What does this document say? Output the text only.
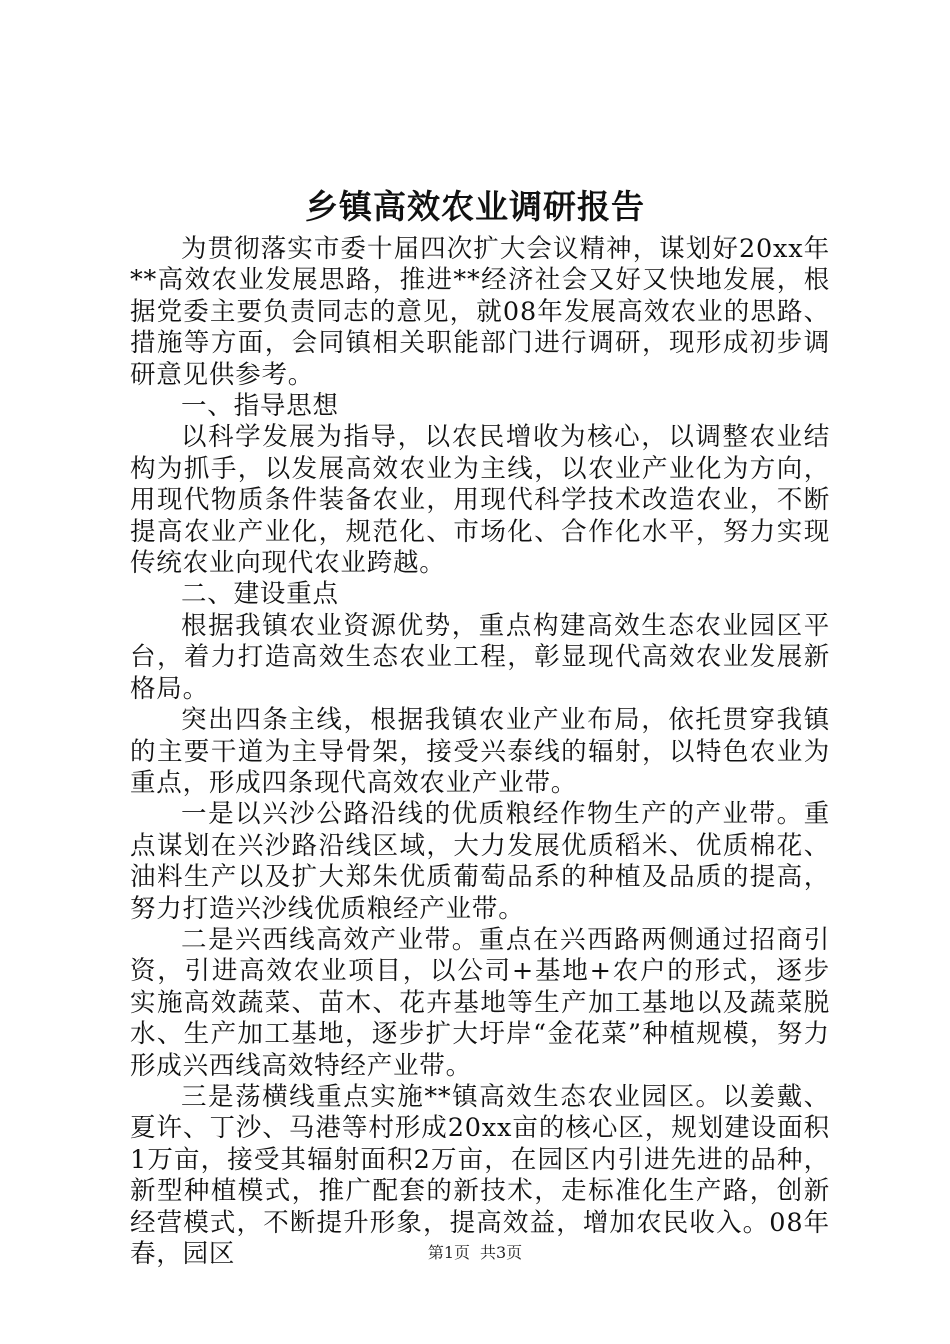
乡镇高效农业调研报告

为贯彻落实市委十届四次扩大会议精神，谋划好20xx年**高效农业发展思路，推进**经济社会又好又快地发展，根据党委主要负责同志的意见，就08年发展高效农业的思路、措施等方面，会同镇相关职能部门进行调研，现形成初步调研意见供参考。

一、指导思想

以科学发展为指导，以农民增收为核心，以调整农业结构为抓手，以发展高效农业为主线，以农业产业化为方向，用现代物质条件装备农业，用现代科学技术改造农业，不断提高农业产业化，规范化、市场化、合作化水平，努力实现传统农业向现代农业跨越。

二、建设重点

根据我镇农业资源优势，重点构建高效生态农业园区平台，着力打造高效生态农业工程，彰显现代高效农业发展新格局。

突出四条主线，根据我镇农业产业布局，依托贯穿我镇的主要干道为主导骨架，接受兴泰线的辐射，以特色农业为重点，形成四条现代高效农业产业带。

一是以兴沙公路沿线的优质粮经作物生产的产业带。重点谋划在兴沙路沿线区域，大力发展优质稻米、优质棉花、油料生产以及扩大郑朱优质葡萄品系的种植及品质的提高，努力打造兴沙线优质粮经产业带。

二是兴西线高效产业带。重点在兴西路两侧通过招商引资，引进高效农业项目，以公司+基地+农户的形式，逐步实施高效蔬菜、苗木、花卉基地等生产加工基地以及蔬菜脱水、生产加工基地，逐步扩大圩岸“金花菜”种植规模，努力形成兴西线高效特经产业带。

三是荡横线重点实施**镇高效生态农业园区。以姜戴、夏许、丁沙、马港等村形成20xx亩的核心区，规划建设面积1万亩，接受其辐射面积2万亩，在园区内引进先进的品种，新型种植模式，推广配套的新技术，走标准化生产路，创新经营模式，不断提升形象，提高效益，增加农民收入。08年春，园区	第1页 共3页
